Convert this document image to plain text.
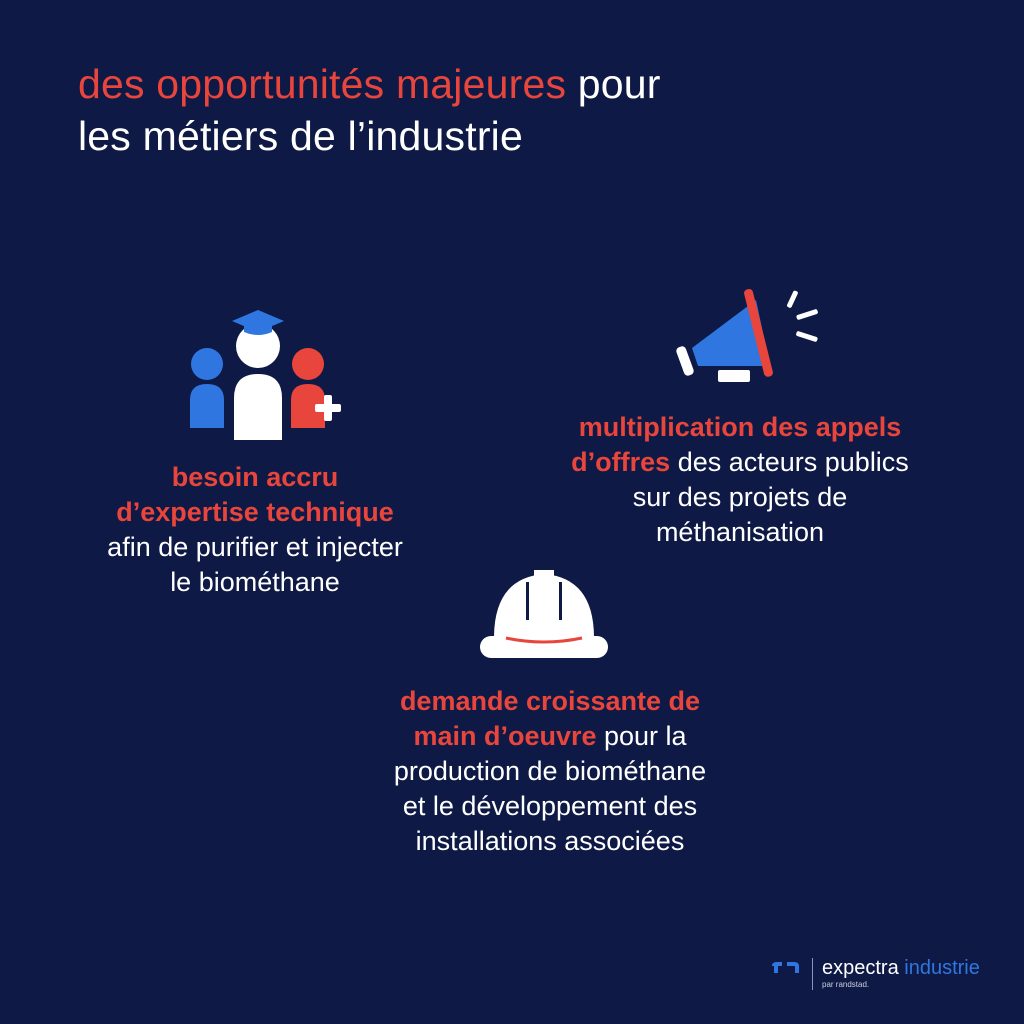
des opportunités majeures pour
les métiers de l’industrie
besoin accru
d’expertise technique
afin de purifier et injecter
le biométhane
multiplication des appels
d’offres des acteurs publics
sur des projets de
méthanisation
demande croissante de
main d’oeuvre pour la
production de biométhane
et le développement des
installations associées
expectra industrie
par randstad.
